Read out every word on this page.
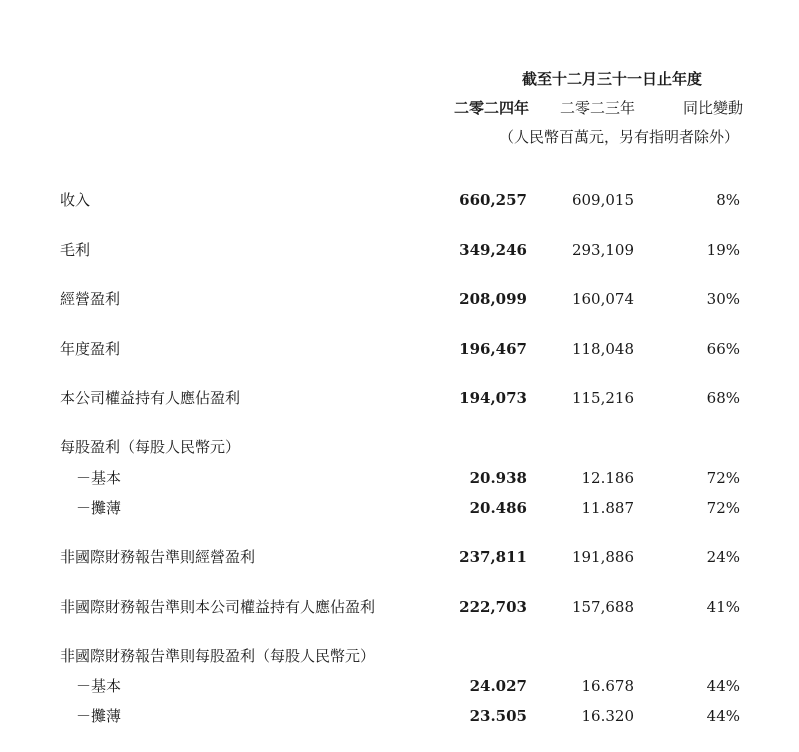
截至十二月三十一日止年度
二零二四年 二零二三年	同比變動
（人民幣百萬元，另有指明者除外）
收入	660,257	609,015	8%
毛利	349,246	293,109	19%
經營盈利	208,099	160,074	30%
年度盈利	196,467	118,048	66%
本公司權益持有人應佔盈利	194,073	115,216	68%
每股盈利（每股人民幣元）
－基本	20.938	12.186	72%
－攤薄	20.486	11.887	72%
非國際財務報告準則經營盈利	237,811	191,886	24%
非國際財務報告準則本公司權益持有人應佔盈利	222,703	157,688	41%
非國際財務報告準則每股盈利（每股人民幣元）
－基本	24.027	16.678	44%
－攤薄	23.505	16.320	44%
